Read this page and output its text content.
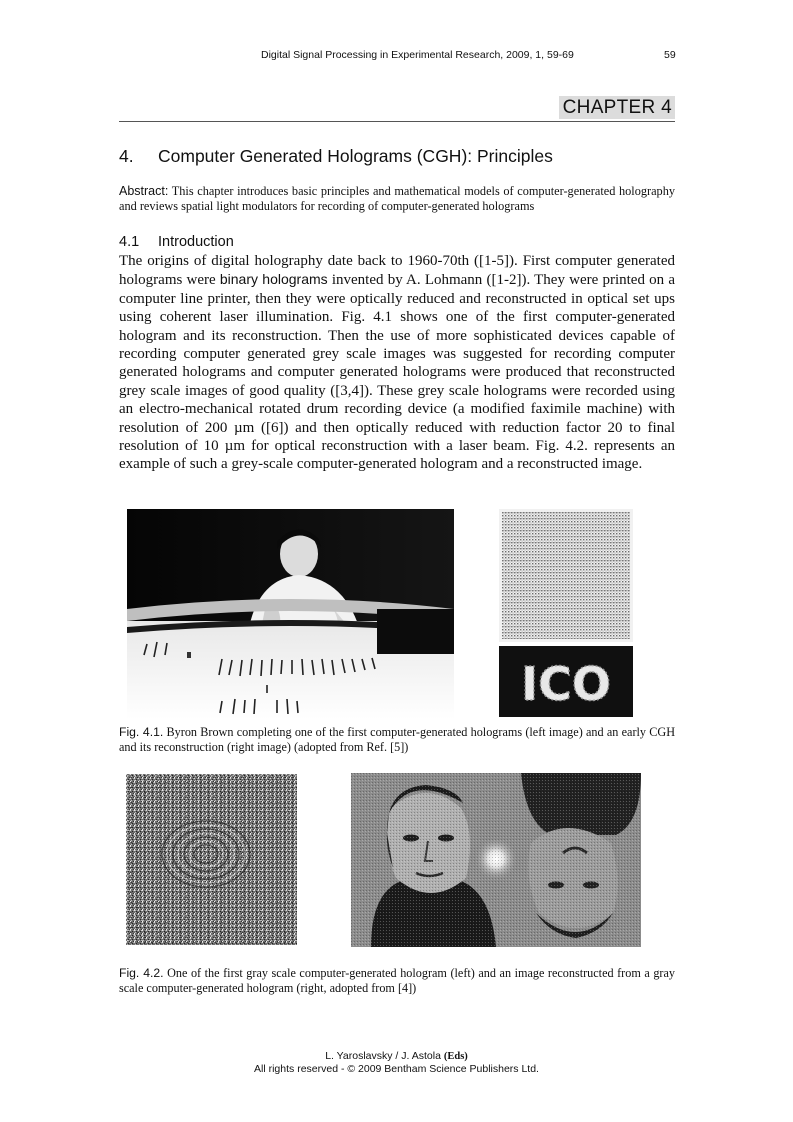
Digital Signal Processing in Experimental Research, 2009, 1, 59-69	59
CHAPTER 4
4. Computer Generated Holograms (CGH): Principles
Abstract: This chapter introduces basic principles and mathematical models of computer-generated holography and reviews spatial light modulators for recording of computer-generated holograms
4.1 Introduction
The origins of digital holography date back to 1960-70th ([1-5]). First computer generated holograms were binary holograms invented by A. Lohmann ([1-2]). They were printed on a computer line printer, then they were optically reduced and reconstructed in optical set ups using coherent laser illumination. Fig. 4.1 shows one of the first computer-generated hologram and its reconstruction. Then the use of more sophisticated devices capable of recording computer generated grey scale images was suggested for recording computer generated holograms and computer generated holograms were produced that reconstructed grey scale images of good quality ([3,4]). These grey scale holograms were recorded using an electro-mechanical rotated drum recording device (a modified faximile machine) with resolution of 200 µm ([6]) and then optically reduced with reduction factor 20 to final resolution of 10 µm for optical reconstruction with a laser beam. Fig. 4.2. represents an example of such a grey-scale computer-generated hologram and a reconstructed image.
ICO
Fig. 4.1. Byron Brown completing one of the first computer-generated holograms (left image) and an early CGH and its reconstruction (right image) (adopted from Ref. [5])
Fig. 4.2. One of the first gray scale computer-generated hologram (left) and an image reconstructed from a gray scale computer-generated hologram (right, adopted from [4])
L. Yaroslavsky / J. Astola (Eds)
All rights reserved - © 2009 Bentham Science Publishers Ltd.
